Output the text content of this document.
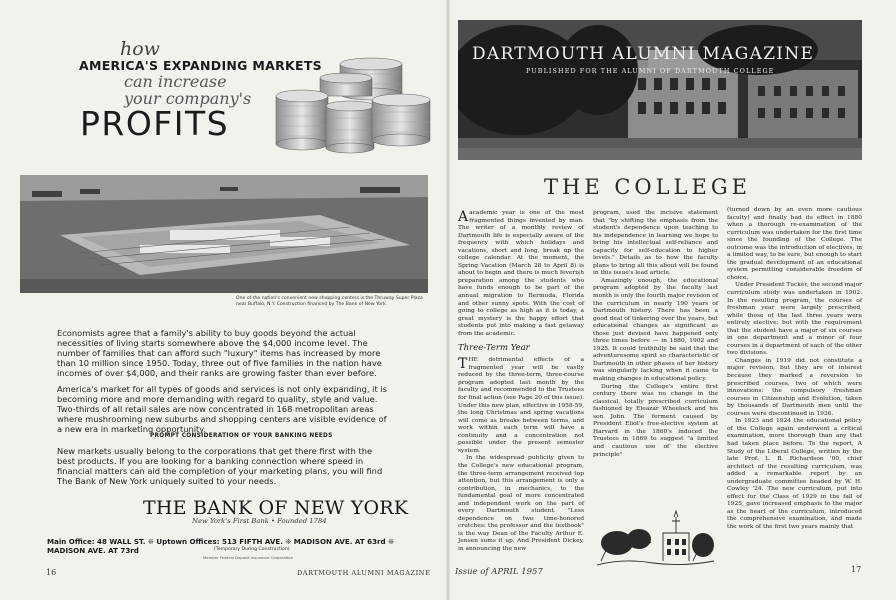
how
AMERICA'S EXPANDING MARKETS
can increase
your company's
PROFITS
One of the nation's convenient new shopping centers is the Thruway Super Plaza near Buffalo, N.Y. Construction financed by The Bank of New York.
Economists agree that a family's ability to buy goods beyond the actual necessities of living starts somewhere above the $4,000 income level. The number of families that can afford such "luxury" items has increased by more than 10 million since 1950. Today, three out of five families in the nation have incomes of over $4,000, and their ranks are growing faster than ever before.
America's market for all types of goods and services is not only expanding, it is becoming more and more demanding with regard to quality, style and value. Two-thirds of all retail sales are now concentrated in 168 metropolitan areas where mushrooming new suburbs and shopping centers are visible evidence of a new era in marketing opportunity.
PROMPT CONSIDERATION OF YOUR BANKING NEEDS
New markets usually belong to the corporations that get there first with the best products. If you are looking for a banking connection where speed in financial matters can aid the completion of your marketing plans, you will find The Bank of New York uniquely suited to your needs.
THE BANK OF NEW YORK
New York's First Bank • Founded 1784
Main Office: 48 WALL ST. ❊ Uptown Offices: 513 FIFTH AVE. ❊ MADISON AVE. AT 63rd ❊ MADISON AVE. AT 73rd	(Temporary During Construction)
Member Federal Deposit Insurance Corporation
16	DARTMOUTH ALUMNI MAGAZINE	Issue of APRIL 1957
DARTMOUTH ALUMNI MAGAZINE
PUBLISHED FOR THE ALUMNI OF DARTMOUTH COLLEGE
THE COLLEGE

Aacademic year is one of the most fragmented things invented by man. The writer of a monthly review of Dartmouth life is especially aware of the frequency with which holidays and vacations, short and long, break up the college calendar. At the moment, the Spring Vacation (March 28 to April 8) is about to begin and there is much feverish preparation among the students who have funds enough to be part of the annual migration to Bermuda, Florida and other sunny spots. With the cost of going to college as high as it is today, a great mystery is the happy effort that students put into making a fast getaway from the academic.

Three-Term Year

THE detrimental effects of a fragmented year will be vastly reduced by the three-term, three-course program adopted last month by the faculty and recommended to the Trustees for final action (see Page 20 of this issue). Under this new plan, effective in 1958-59, the long Christmas and spring vacations will come as breaks between terms, and work within each term will have a continuity and a concentration not possible under the present semester system.

In the widespread publicity given to the College's new educational program, the three-term arrangement received top attention, but this arrangement is only a contribution, in mechanics, to the fundamental goal of more concentrated and independent work on the part of every Dartmouth student. "Less dependence on two time-honored crutches: the professor and the textbook" is the way Dean of the Faculty Arthur E. Jensen sums it up. And President Dickey, in announcing the new

program, used the incisive statement that "by shifting the emphasis from the student's dependence upon teaching to his independence in learning we hope to bring his intellectual self-reliance and capacity for self-education to higher levels." Details as to how the faculty plans to bring all this about will be found in this issue's lead article.

Amazingly enough, the educational program adopted by the faculty last month is only the fourth major revision of the curriculum in nearly 190 years of Dartmouth history. There has been a good deal of tinkering over the years, but educational changes as significant as those just devised have happened only three times before — in 1880, 1902 and 1925. It could truthfully be said that the adventuresome spirit so characteristic of Dartmouth in other phases of her history was singularly lacking when it came to making changes in educational policy.

During the College's entire first century there was no change in the classical, totally prescribed curriculum fashioned by Eleazar Wheelock and his son John. The ferment caused by President Eliot's free-elective system at Harvard in the 1860's induced the Trustees in 1869 to suggest "a limited and cautious use of the elective principle"

(turned down by an even more cautious faculty) and finally had its effect in 1880 when a thorough re-examination of the curriculum was undertaken for the first time since the founding of the College. The outcome was the introduction of electives, in a limited way, to be sure, but enough to start the gradual development of an educational system permitting considerable freedom of choice.

Under President Tucker, the second major curriculum study was undertaken in 1902. In the resulting program, the courses of freshman year were largely prescribed, while those of the last three years were entirely elective; but with the requirement that the student have a major of six courses in one department and a minor of four courses in a department of each of the other two divisions.

Changes in 1919 did not constitute a major revision, but they are of interest because they marked a reversion to prescribed courses, two of which were innovations: the compulsory freshman courses in Citizenship and Evolution, taken by thousands of Dartmouth men until the courses were discontinued in 1936.

In 1923 and 1924 the educational policy of the College again underwent a critical examination, more thorough than any that had taken place before. To the report, A Study of the Liberal College, written by the late Prof. L. B. Richardson '00, chief architect of the resulting curriculum, was added a remarkable report by an undergraduate committee headed by W. H. Cowley '24. The new curriculum, put into effect for the Class of 1929 in the fall of 1925, gave increased emphasis to the major as the heart of the curriculum, introduced the comprehensive examination, and made the work of the first two years mainly that

17
